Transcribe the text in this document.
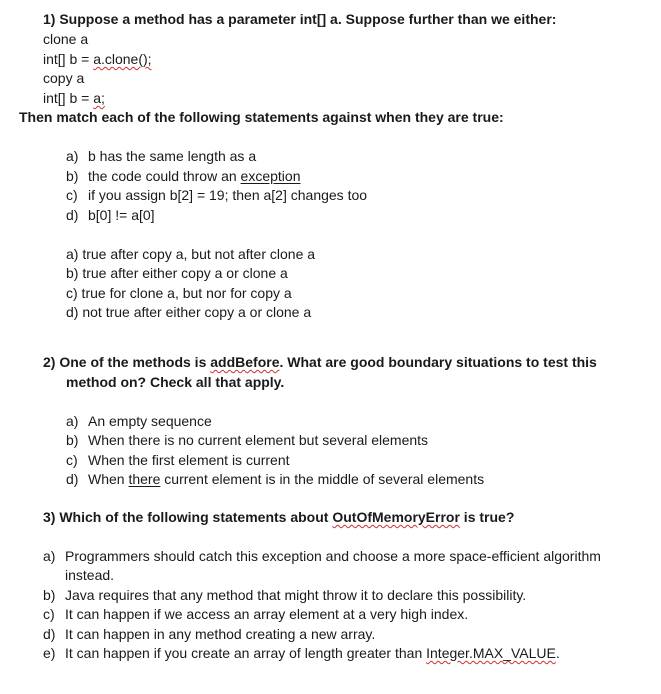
1) Suppose a method has a parameter int[] a. Suppose further than we either:
clone a
int[] b = a.clone();
copy a
int[] b = a;
Then match each of the following statements against when they are true:
a) b has the same length as a
b) the code could throw an exception
c) if you assign b[2] = 19; then a[2] changes too
d) b[0] != a[0]
a) true after copy a, but not after clone a
b) true after either copy a or clone a
c) true for clone a, but nor for copy a
d) not true after either copy a or clone a
2) One of the methods is addBefore. What are good boundary situations to test this
method on? Check all that apply.
a) An empty sequence
b) When there is no current element but several elements
c) When the first element is current
d) When there current element is in the middle of several elements
3) Which of the following statements about OutOfMemoryError is true?
a) Programmers should catch this exception and choose a more space-efficient algorithm
instead.
b) Java requires that any method that might throw it to declare this possibility.
c) It can happen if we access an array element at a very high index.
d) It can happen in any method creating a new array.
e) It can happen if you create an array of length greater than Integer.MAX_VALUE.
